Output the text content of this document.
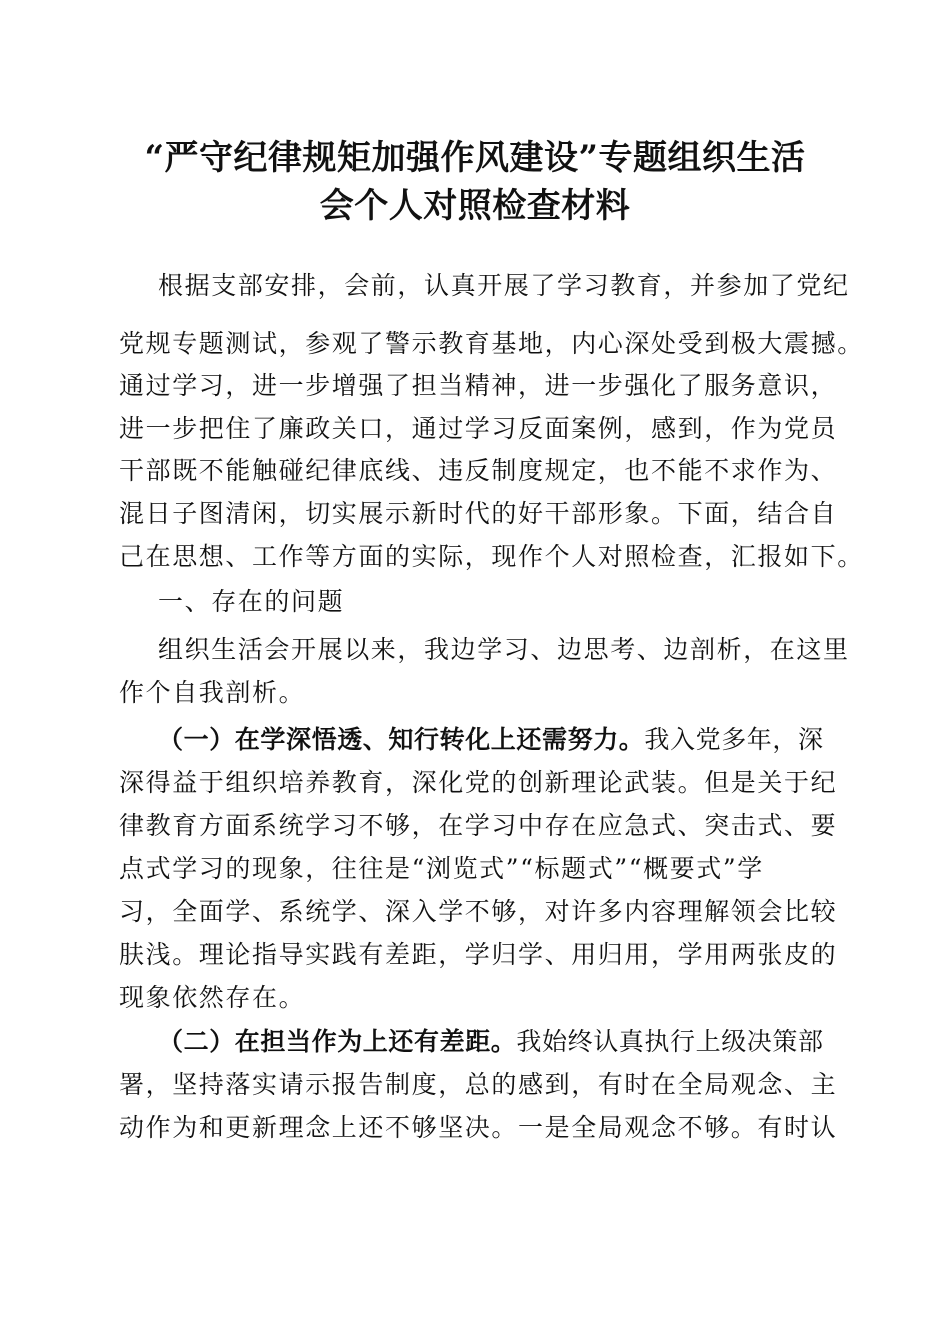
“严守纪律规矩加强作风建设”专题组织生活
会个人对照检查材料

根据支部安排，会前，认真开展了学习教育，并参加了党纪

党规专题测试，参观了警示教育基地，内心深处受到极大震撼。

通过学习，进一步增强了担当精神，进一步强化了服务意识，

进一步把住了廉政关口，通过学习反面案例，感到，作为党员

干部既不能触碰纪律底线、违反制度规定，也不能不求作为、

混日子图清闲，切实展示新时代的好干部形象。下面，结合自

己在思想、工作等方面的实际，现作个人对照检查，汇报如下。

一、存在的问题

组织生活会开展以来，我边学习、边思考、边剖析，在这里

作个自我剖析。

（一）在学深悟透、知行转化上还需努力。我入党多年，深

深得益于组织培养教育，深化党的创新理论武装。但是关于纪

律教育方面系统学习不够，在学习中存在应急式、突击式、要

点式学习的现象，往往是“浏览式”“标题式”“概要式”学

习，全面学、系统学、深入学不够，对许多内容理解领会比较

肤浅。理论指导实践有差距，学归学、用归用，学用两张皮的

现象依然存在。

（二）在担当作为上还有差距。我始终认真执行上级决策部

署，坚持落实请示报告制度，总的感到，有时在全局观念、主

动作为和更新理念上还不够坚决。一是全局观念不够。有时认
